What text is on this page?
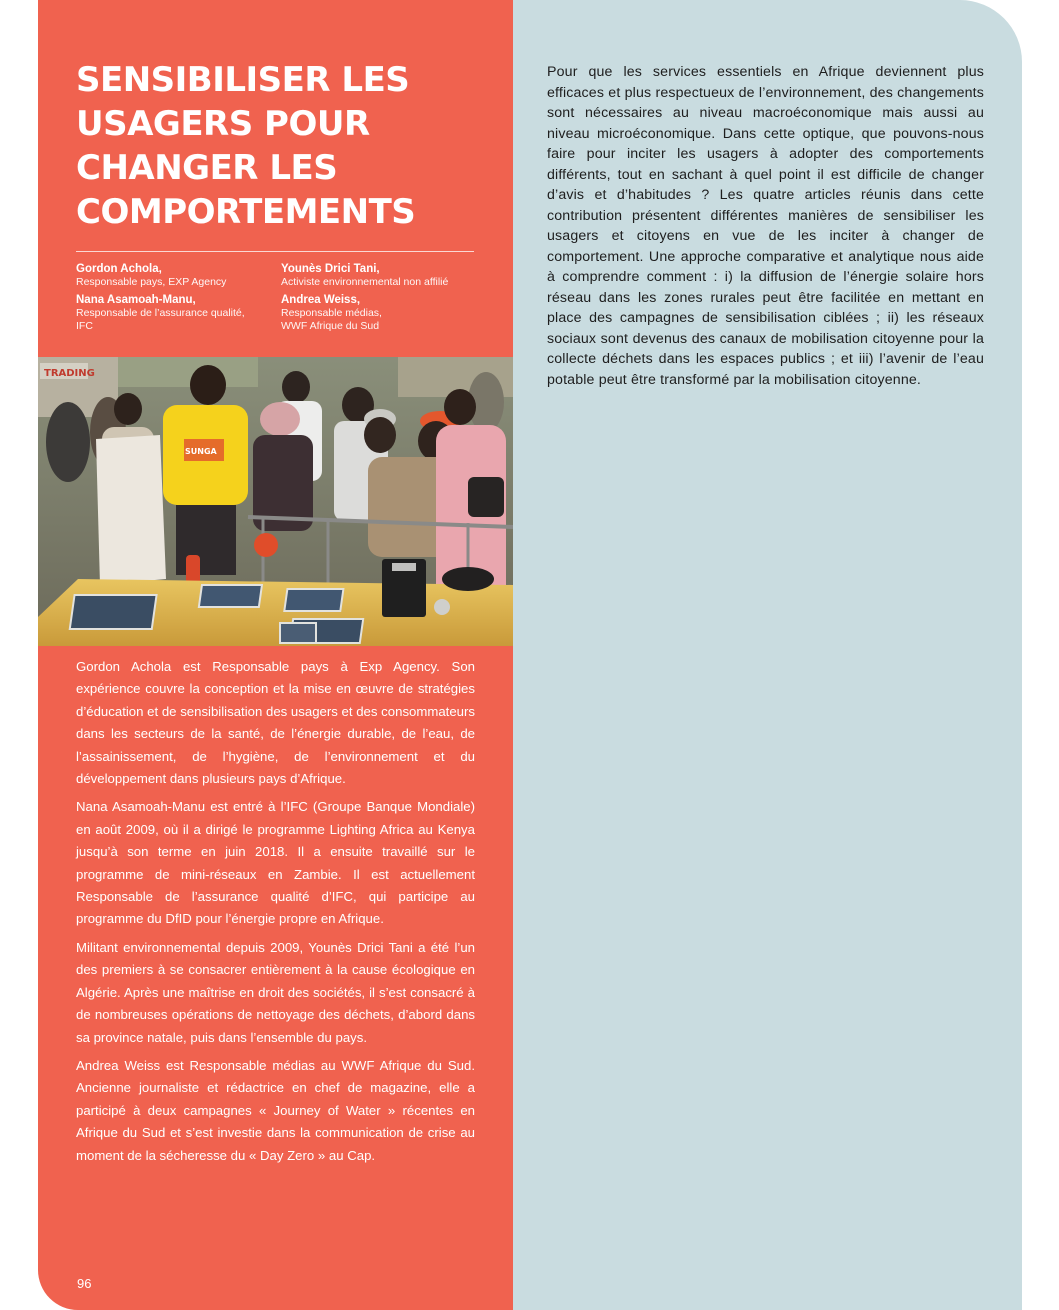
SENSIBILISER LES
USAGERS POUR
CHANGER LES
COMPORTEMENTS
Gordon Achola,
Responsable pays, EXP Agency
Nana Asamoah-Manu,
Responsable de l’assurance qualité,
IFC
Younès Drici Tani,
Activiste environnemental non affilié
Andrea Weiss,
Responsable médias,
WWF Afrique du Sud
TRADING
SUNGA

Gordon Achola est Responsable pays à Exp Agency. Son expérience couvre la conception et la mise en œuvre de stratégies d’éducation et de sensibilisation des usagers et des consommateurs dans les secteurs de la santé, de l’énergie durable, de l’eau, de l’assainissement, de l’hygiène, de l’environnement et du développement dans plusieurs pays d’Afrique.

Nana Asamoah-Manu est entré à l’IFC (Groupe Banque Mondiale) en août 2009, où il a dirigé le programme Lighting Africa au Kenya jusqu’à son terme en juin 2018. Il a ensuite travaillé sur le programme de mini-réseaux en Zambie. Il est actuellement Responsable de l’assurance qualité d’IFC, qui participe au programme du DfID pour l’énergie propre en Afrique.

Militant environnemental depuis 2009, Younès Drici Tani a été l’un des premiers à se consacrer entièrement à la cause écologique en Algérie. Après une maîtrise en droit des sociétés, il s’est consacré à de nombreuses opérations de nettoyage des déchets, d’abord dans sa province natale, puis dans l’ensemble du pays.

Andrea Weiss est Responsable médias au WWF Afrique du Sud. Ancienne journaliste et rédactrice en chef de magazine, elle a participé à deux campagnes « Journey of Water » récentes en Afrique du Sud et s’est investie dans la communication de crise au moment de la sécheresse du « Day Zero » au Cap.

96

Pour que les services essentiels en Afrique deviennent plus efficaces et plus respectueux de l’environnement, des changements sont nécessaires au niveau macroéconomique mais aussi au niveau microéconomique. Dans cette optique, que pouvons-nous faire pour inciter les usagers à adopter des comportements différents, tout en sachant à quel point il est difficile de changer d’avis et d’habitudes ? Les quatre articles réunis dans cette contribution présentent différentes manières de sensibiliser les usagers et citoyens en vue de les inciter à changer de comportement. Une approche comparative et analytique nous aide à comprendre comment : i) la diffusion de l’énergie solaire hors réseau dans les zones rurales peut être facilitée en mettant en place des campagnes de sensibilisation ciblées ; ii) les réseaux sociaux sont devenus des canaux de mobilisation citoyenne pour la collecte déchets dans les espaces publics ; et iii) l’avenir de l’eau potable peut être transformé par la mobilisation citoyenne.
